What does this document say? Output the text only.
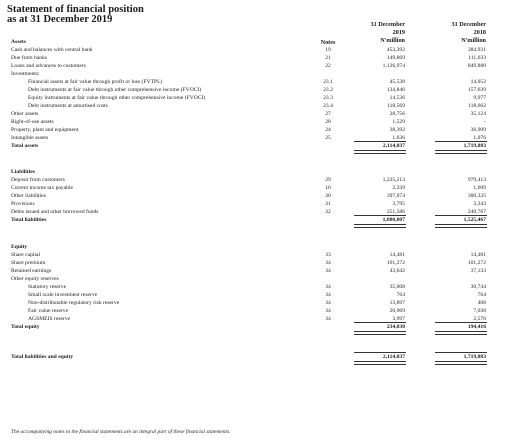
Statement of financial position
as at 31 December 2019
Notes
31 December
2019
N'million
31 December
2018
N'million
Assets
Cash and balances with central bank	19	453,392	384,931
Due from banks	21	149,869	111,633
Loans and advances to customers	22	1,126,974	849,880
Investments:
Financial assets at fair value through profit or loss (FVTPL)	23.1	45,538	14,052
Debt instruments at fair value through other comprehensive income (FVOCI)	23.2	134,846	157,639
Equity instruments at fair value through other comprehensive income (FVOCI)	23.3	14,536	9,977
Debt instruments at amortised costs	23.4	118,569	118,662
Other assets	27	28,756	35,124
Right-of-use assets	28	1,529	-
Property, plant and equipment	24	38,392	36,909
Intangible assets	25	1,636	1,076
Total assets	2,114,037	1,719,883
Liabilities
Deposit from customers	29	1,225,213	979,413
Current income tax payable	16	2,339	1,609
Other liabilities	30	397,074	300,335
Provisions	31	3,795	3,343
Debts issued and other borrowed funds	32	251,586	240,767
Total liabilities	1,880,007	1,525,467
Equity
Share capital	33	14,481	14,481
Share premium	34	101,272	101,272
Retained earnings	34	43,642	37,133
Other equity reserves
Statutory reserve	34	35,008	30,744
Small scale investment reserve	34	764	764
Non-distributable regulatory risk reserve	34	13,897	408
Fair value reserve	34	20,969	7,038
AGSMEIS reserve	34	3,997	2,576
Total equity	234,030	194,416
Total liabilities and equity	2,114,037	1,719,883
The accompanying notes to the financial statements are an integral part of these financial statements.
